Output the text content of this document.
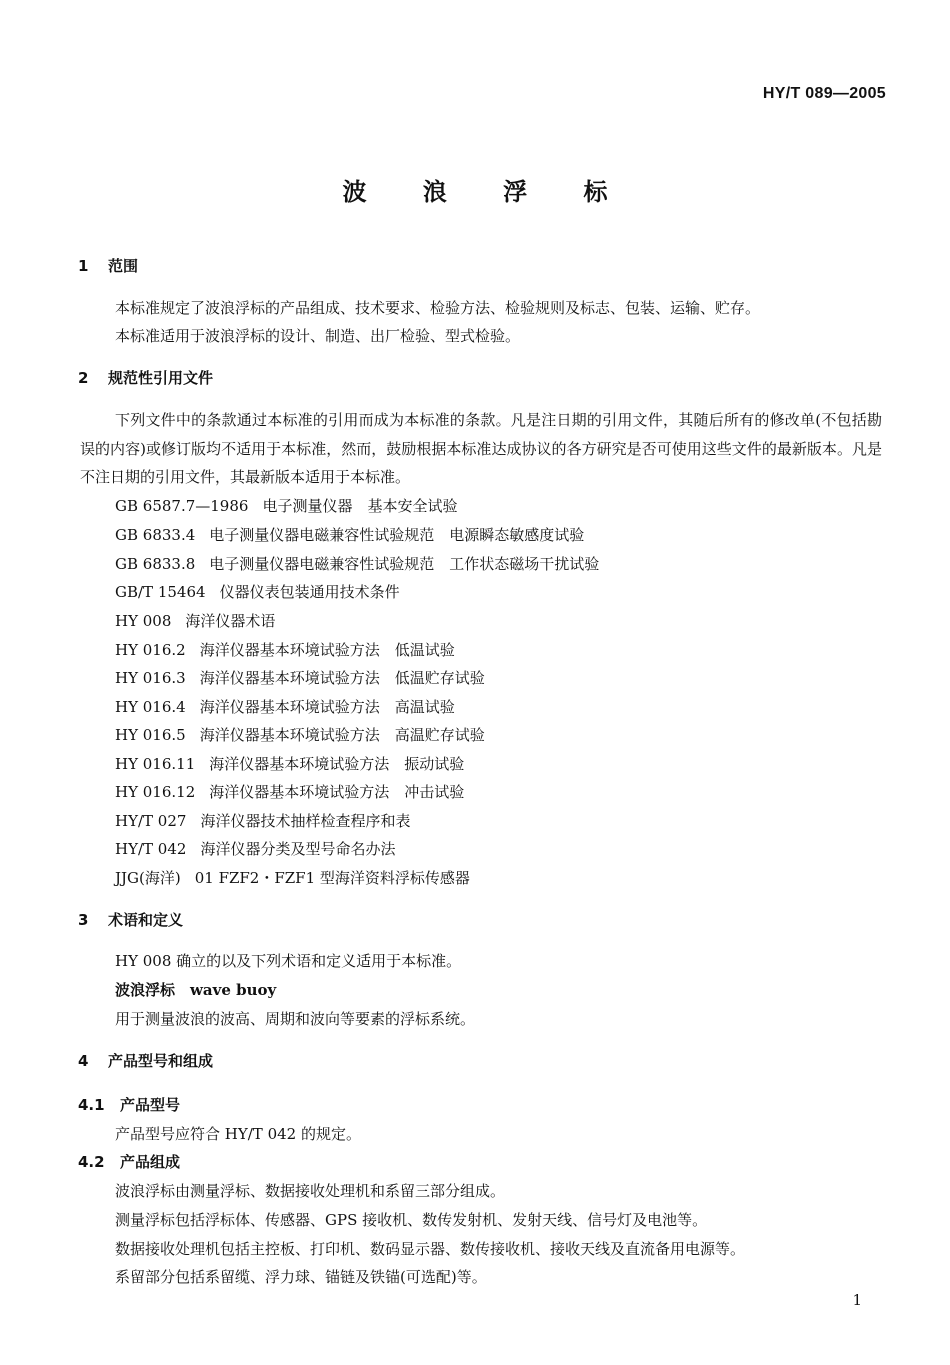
HY/T 089—2005
波 浪 浮 标
1 范围
本标准规定了波浪浮标的产品组成、技术要求、检验方法、检验规则及标志、包装、运输、贮存。
本标准适用于波浪浮标的设计、制造、出厂检验、型式检验。
2 规范性引用文件
下列文件中的条款通过本标准的引用而成为本标准的条款。凡是注日期的引用文件，其随后所有的修改单(不包括勘误的内容)或修订版均不适用于本标准，然而，鼓励根据本标准达成协议的各方研究是否可使用这些文件的最新版本。凡是不注日期的引用文件，其最新版本适用于本标准。
GB 6587.7—1986 电子测量仪器　基本安全试验
GB 6833.4 电子测量仪器电磁兼容性试验规范　电源瞬态敏感度试验
GB 6833.8 电子测量仪器电磁兼容性试验规范　工作状态磁场干扰试验
GB/T 15464 仪器仪表包装通用技术条件
HY 008 海洋仪器术语
HY 016.2 海洋仪器基本环境试验方法　低温试验
HY 016.3 海洋仪器基本环境试验方法　低温贮存试验
HY 016.4 海洋仪器基本环境试验方法　高温试验
HY 016.5 海洋仪器基本环境试验方法　高温贮存试验
HY 016.11 海洋仪器基本环境试验方法　振动试验
HY 016.12 海洋仪器基本环境试验方法　冲击试验
HY/T 027 海洋仪器技术抽样检查程序和表
HY/T 042 海洋仪器分类及型号命名办法
JJG(海洋) 01 FZF2・FZF1 型海洋资料浮标传感器
3 术语和定义
HY 008 确立的以及下列术语和定义适用于本标准。
波浪浮标　wave buoy
用于测量波浪的波高、周期和波向等要素的浮标系统。
4 产品型号和组成
4.1 产品型号
产品型号应符合 HY/T 042 的规定。
4.2 产品组成
波浪浮标由测量浮标、数据接收处理机和系留三部分组成。
测量浮标包括浮标体、传感器、GPS 接收机、数传发射机、发射天线、信号灯及电池等。
数据接收处理机包括主控板、打印机、数码显示器、数传接收机、接收天线及直流备用电源等。
系留部分包括系留缆、浮力球、锚链及铁锚(可选配)等。
1
